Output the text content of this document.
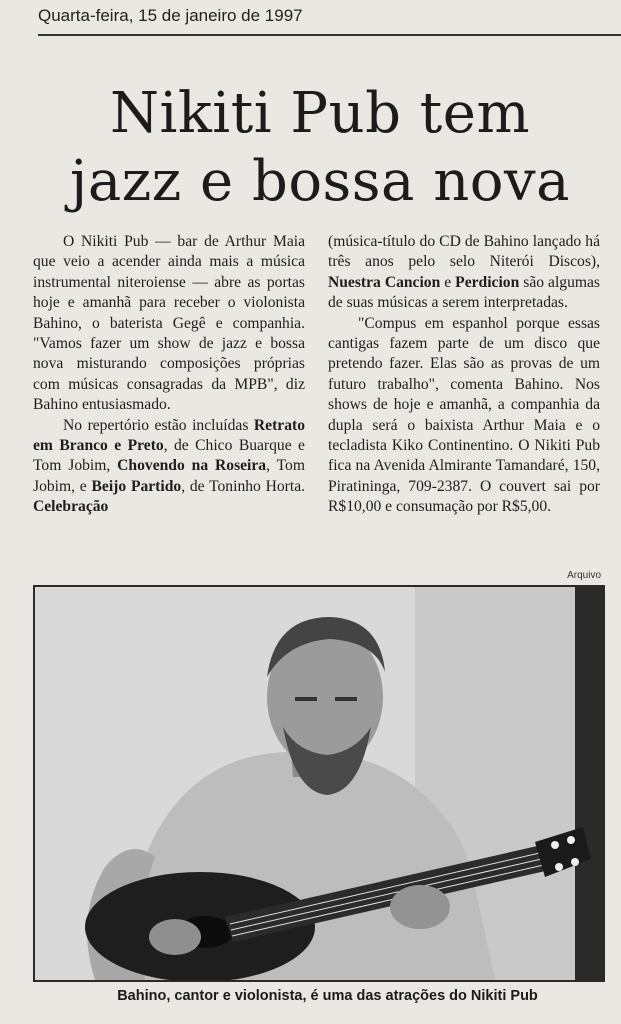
Quarta-feira, 15 de janeiro de 1997
Nikiti Pub tem
jazz e bossa nova

O Nikiti Pub — bar de Arthur Maia que veio a acender ainda mais a música instrumental niteroiense — abre as portas hoje e amanhã para receber o violonista Bahino, o baterista Gegê e companhia. "Vamos fazer um show de jazz e bossa nova misturando composições próprias com músicas consagradas da MPB", diz Bahino entusiasmado.

No repertório estão incluídas Retrato em Branco e Preto, de Chico Buarque e Tom Jobim, Chovendo na Roseira, Tom Jobim, e Beijo Partido, de Toninho Horta. Celebração

(música-título do CD de Bahino lançado há três anos pelo selo Niterói Discos), Nuestra Cancion e Perdicion são algumas de suas músicas a serem interpretadas.

"Compus em espanhol porque essas cantigas fazem parte de um disco que pretendo fazer. Elas são as provas de um futuro trabalho", comenta Bahino. Nos shows de hoje e amanhã, a companhia da dupla será o baixista Arthur Maia e o tecladista Kiko Continentino. O Nikiti Pub fica na Avenida Almirante Tamandaré, 150, Piratininga, 709-2387. O couvert sai por R$10,00 e consumação por R$5,00.

Arquivo
Bahino, cantor e violonista, é uma das atrações do Nikiti Pub
